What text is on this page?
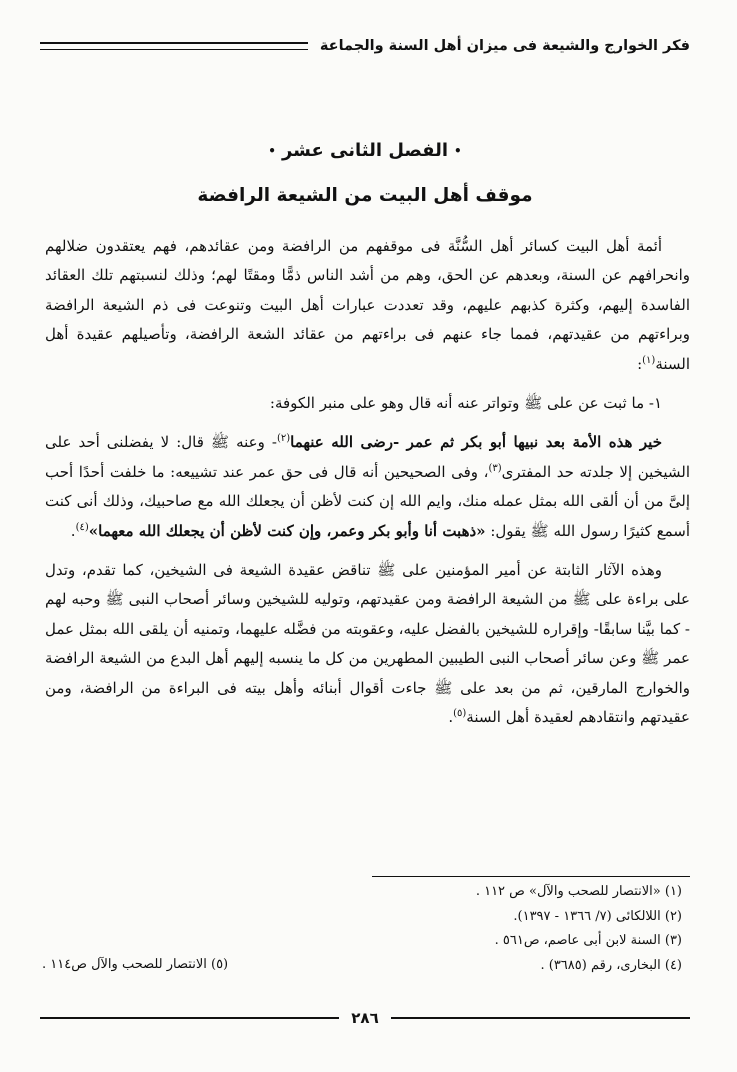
فكر الخوارج والشيعة فى ميزان أهل السنة والجماعة
•الفصل الثانى عشر•
موقف أهل البيت من الشيعة الرافضة

أئمة أهل البيت كسائر أهل السُّنَّة فى موقفهم من الرافضة ومن عقائدهم، فهم يعتقدون ضلالهم وانحرافهم عن السنة، وبعدهم عن الحق، وهم من أشد الناس ذمًّا ومقتًا لهم؛ وذلك لنسبتهم تلك العقائد الفاسدة إليهم، وكثرة كذبهم عليهم، وقد تعددت عبارات أهل البيت وتنوعت فى ذم الشيعة الرافضة وبراءتهم من عقيدتهم، فمما جاء عنهم فى براءتهم من عقائد الشعة الرافضة، وتأصيلهم عقيدة أهل السنة$^{(١)}$:

١- ما ثبت عن على ﷺ وتواتر عنه أنه قال وهو على منبر الكوفة:

خير هذه الأمة بعد نبيها أبو بكر ثم عمر -رضى الله عنهما$^{(٢)}$- وعنه ﷺ قال: لا يفضلنى أحد على الشيخين إلا جلدته حد المفترى$^{(٣)}$، وفى الصحيحين أنه قال فى حق عمر عند تشييعه: ما خلفت أحدًا أحب إلىَّ من أن ألقى الله بمثل عمله منك، وايم الله إن كنت لأظن أن يجعلك الله مع صاحبيك، وذلك أنى كنت أسمع كثيرًا رسول الله ﷺ يقول: «ذهبت أنا وأبو بكر وعمر، وإن كنت لأظن أن يجعلك الله معهما»$^{(٤)}$.

وهذه الآثار الثابتة عن أمير المؤمنين على ﷺ تناقض عقيدة الشيعة فى الشيخين، كما تقدم، وتدل على براءة على ﷺ من الشيعة الرافضة ومن عقيدتهم، وتوليه للشيخين وسائر أصحاب النبى ﷺ وحبه لهم - كما بيَّنا سابقًا- وإقراره للشيخين بالفضل عليه، وعقوبته من فضَّله عليهما، وتمنيه أن يلقى الله بمثل عمل عمر ﷺ وعن سائر أصحاب النبى الطيبين المطهرين من كل ما ينسبه إليهم أهل البدع من الشيعة الرافضة والخوارج المارقين، ثم من بعد على ﷺ جاءت أقوال أبنائه وأهل بيته فى البراءة من الرافضة، ومن عقيدتهم وانتقادهم لعقيدة أهل السنة$^{(٥)}$.

(١) «الانتصار للصحب والآل» ص ١١٢ .
(٢) اللالكائى (٧/ ١٣٦٦ - ١٣٩٧).
(٣) السنة لابن أبى عاصم، ص٥٦١ .
(٤) البخارى، رقم (٣٦٨٥) .
(٥) الانتصار للصحب والآل ص١١٤ .
٢٨٦
